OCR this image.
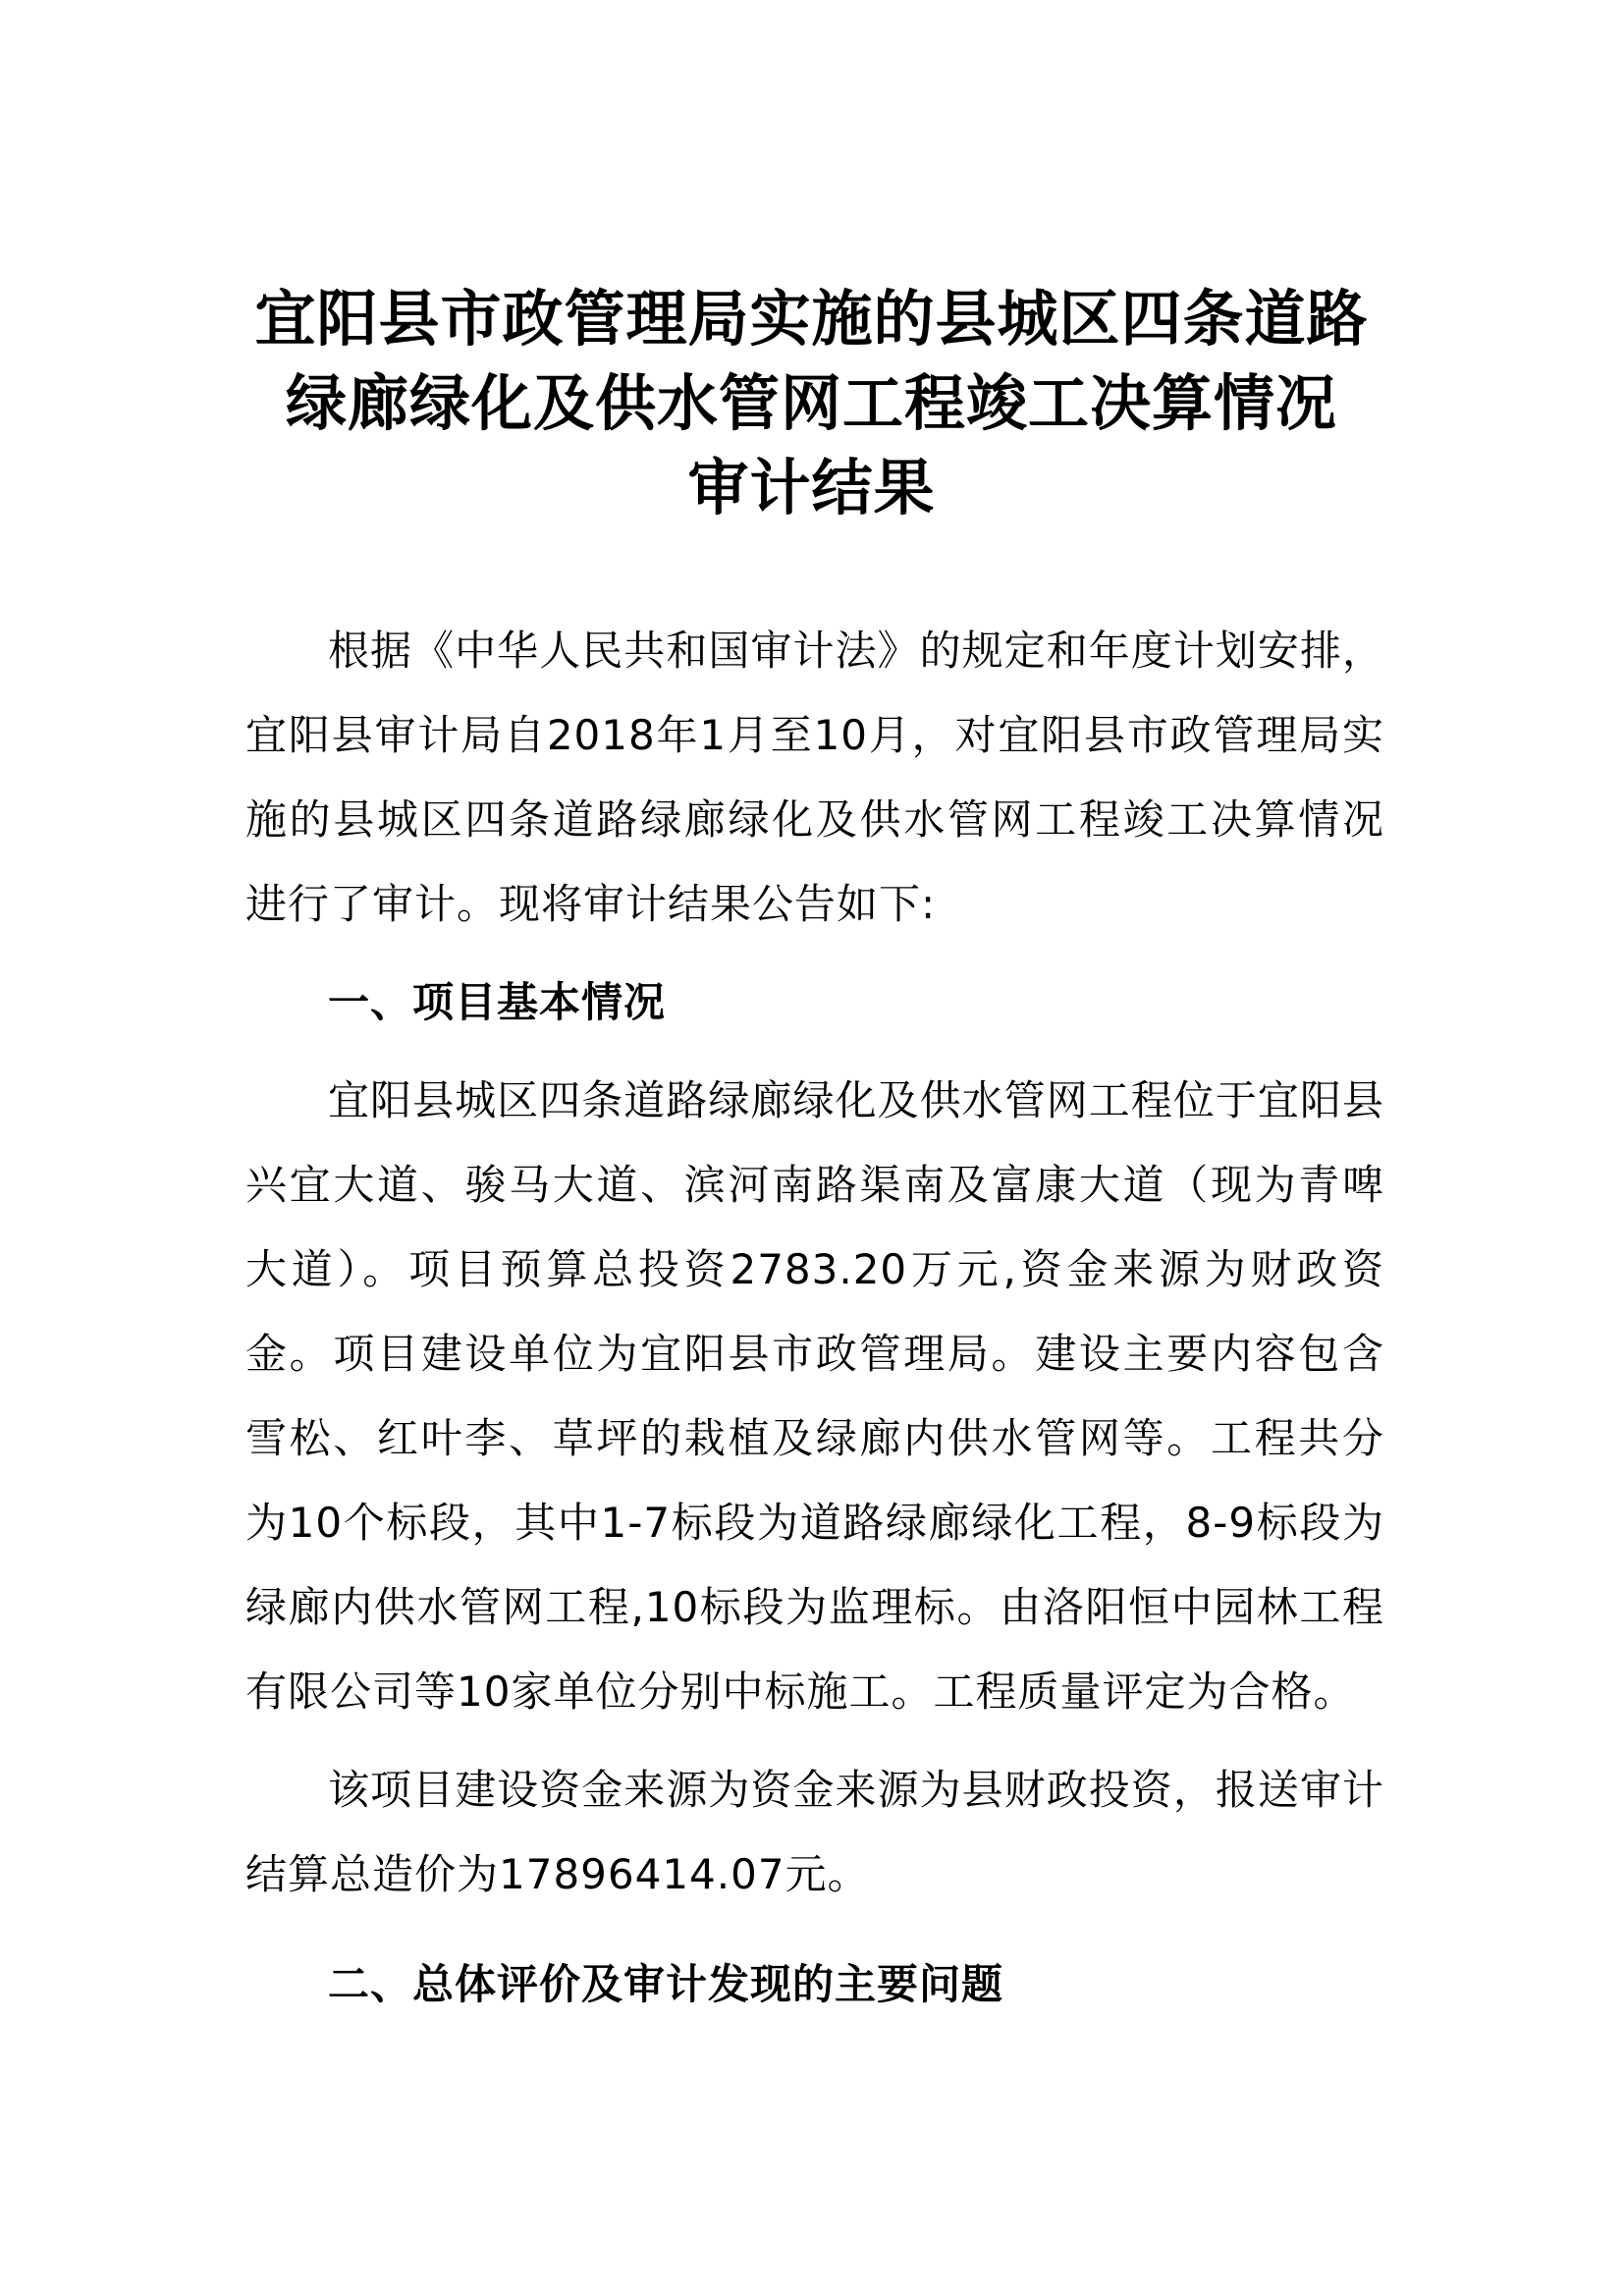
宜阳县市政管理局实施的县城区四条道路
绿廊绿化及供水管网工程竣工决算情况
审计结果

根据《中华人民共和国审计法》的规定和年度计划安排，宜阳县审计局自2018年1月至10月，对宜阳县市政管理局实施的县城区四条道路绿廊绿化及供水管网工程竣工决算情况进行了审计。现将审计结果公告如下:

一、项目基本情况

宜阳县城区四条道路绿廊绿化及供水管网工程位于宜阳县兴宜大道、骏马大道、滨河南路渠南及富康大道（现为青啤大道）。项目预算总投资2783.20万元,资金来源为财政资金。项目建设单位为宜阳县市政管理局。建设主要内容包含雪松、红叶李、草坪的栽植及绿廊内供水管网等。工程共分为10个标段，其中1-7标段为道路绿廊绿化工程，8-9标段为绿廊内供水管网工程,10标段为监理标。由洛阳恒中园林工程有限公司等10家单位分别中标施工。工程质量评定为合格。

该项目建设资金来源为资金来源为县财政投资，报送审计结算总造价为17896414.07元。

二、总体评价及审计发现的主要问题
